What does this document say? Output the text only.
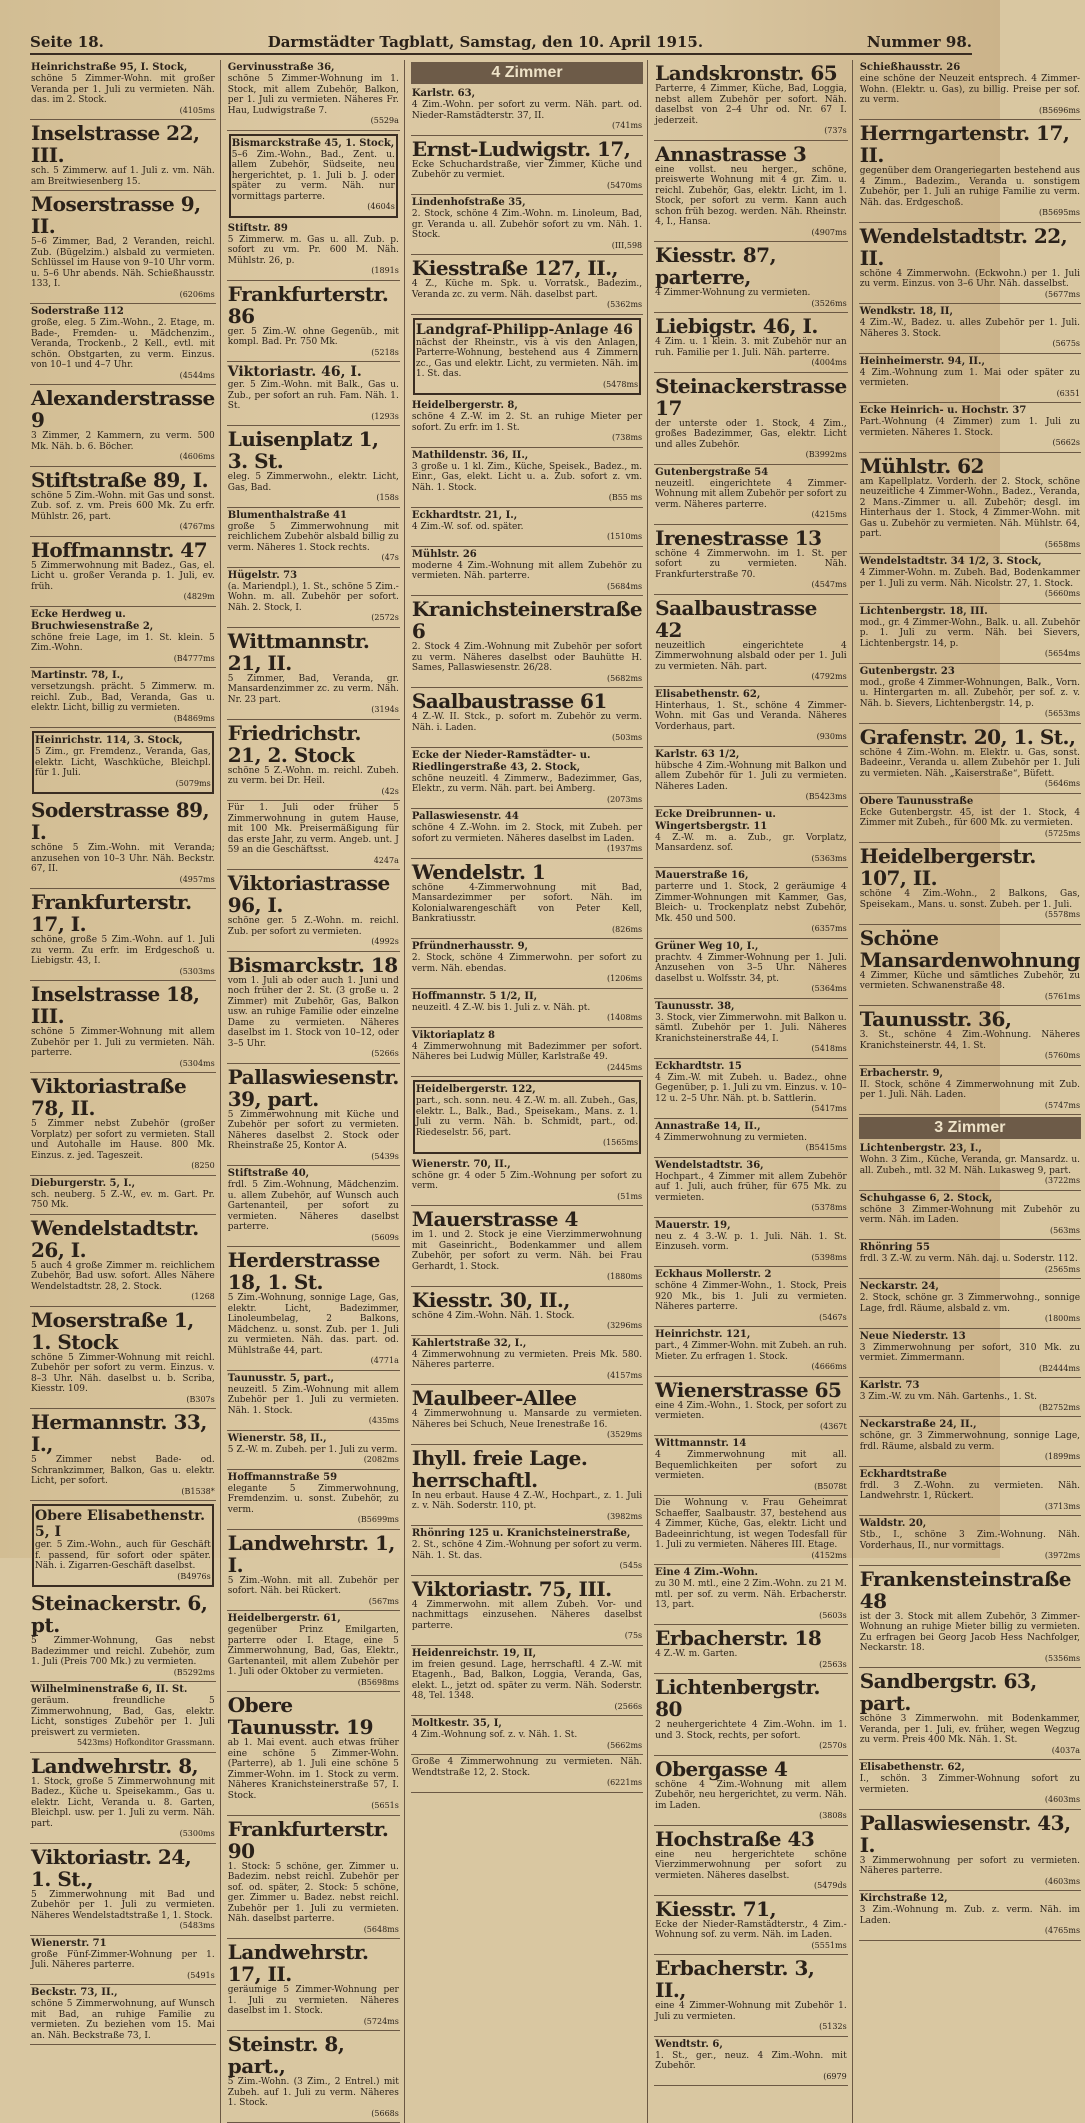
Seite 18.	Darmstädter Tagblatt, Samstag, den 10. April 1915.	Nummer 98.
Heinrichstraße 95, I. Stock,
schöne 5 Zimmer-Wohn. mit großer Veranda per 1. Juli zu vermieten. Näh. das. im 2. Stock.
(4105ms
Inselstrasse 22, III.
sch. 5 Zimmerw. auf 1. Juli z. vm. Näh. am Breitwiesenberg 15.
Moserstrasse 9, II.
5–6 Zimmer, Bad, 2 Veranden, reichl. Zub. (Bügelzim.) alsbald zu vermieten. Schlüssel im Hause von 9–10 Uhr vorm. u. 5–6 Uhr abends. Näh. Schießhausstr. 133, I.
(6206ms
Soderstraße 112
große, eleg. 5 Zim.-Wohn., 2. Etage, m. Bade-, Fremden- u. Mädchenzim., Veranda, Trockenb., 2 Kell., evtl. mit schön. Obstgarten, zu verm. Einzus. von 10–1 und 4–7 Uhr.
(4544ms
Alexanderstrasse 9
3 Zimmer, 2 Kammern, zu verm. 500 Mk. Näh. b. 6. Böcher.
(4606ms
Stiftstraße 89, I.
schöne 5 Zim.-Wohn. mit Gas und sonst. Zub. sof. z. vm. Preis 600 Mk. Zu erfr. Mühlstr. 26, part.
(4767ms
Hoffmannstr. 47
5 Zimmerwohnung mit Badez., Gas, el. Licht u. großer Veranda p. 1. Juli, ev. früh.
(4829m
Ecke Herdweg u. Bruchwiesenstraße 2,
schöne freie Lage, im 1. St. klein. 5 Zim.-Wohn.
(B4777ms
Martinstr. 78, I.,
versetzungsh. prächt. 5 Zimmerw. m. reichl. Zub., Bad, Veranda, Gas u. elektr. Licht, billig zu vermieten.
(B4869ms
Heinrichstr. 114, 3. Stock,
5 Zim., gr. Fremdenz., Veranda, Gas, elektr. Licht, Waschküche, Bleichpl. für 1. Juli.
(5079ms
Soderstrasse 89, I.
schöne 5 Zim.-Wohn. mit Veranda; anzusehen von 10–3 Uhr. Näh. Beckstr. 67, II.
(4957ms
Frankfurterstr. 17, I.
schöne, große 5 Zim.-Wohn. auf 1. Juli zu verm. Zu erfr. im Erdgeschoß u. Liebigstr. 43, I.
(5303ms
Inselstrasse 18, III.
schöne 5 Zimmer-Wohnung mit allem Zubehör per 1. Juli zu vermieten. Näh. parterre.
(5304ms
Viktoriastraße 78, II.
5 Zimmer nebst Zubehör (großer Vorplatz) per sofort zu vermieten. Stall und Autohalle im Hause. 800 Mk. Einzus. z. jed. Tageszeit.
(8250
Dieburgerstr. 5, I.,
sch. neuberg. 5 Z.-W., ev. m. Gart. Pr. 750 Mk.
Wendelstadtstr. 26, I.
5 auch 4 große Zimmer m. reichlichem Zubehör, Bad usw. sofort. Alles Nähere Wendelstadtstr. 28, 2. Stock.
(1268
Moserstraße 1, 1. Stock
schöne 5 Zimmer-Wohnung mit reichl. Zubehör per sofort zu verm. Einzus. v. 8–3 Uhr. Näh. daselbst u. b. Scriba, Kiesstr. 109.
(B307s
Hermannstr. 33, I.,
5 Zimmer nebst Bade- od. Schrankzimmer, Balkon, Gas u. elektr. Licht, per sofort.
(B1538*
Obere Elisabethenstr. 5, I
ger. 5 Zim.-Wohn., auch für Geschäft f. passend, für sofort oder später. Näh. i. Zigarren-Geschäft daselbst.
(B4976s
Steinackerstr. 6, pt.
5 Zimmer-Wohnung, Gas nebst Badezimmer und reichl. Zubehör, zum 1. Juli (Preis 700 Mk.) zu vermieten.
(B5292ms
Wilhelminenstraße 6, II. St.
geräum. freundliche 5 Zimmerwohnung, Bad, Gas, elektr. Licht, sonstiges Zubehör per 1. Juli preiswert zu vermieten.
5423ms) Hofkonditor Grassmann.
Landwehrstr. 8,
1. Stock, große 5 Zimmerwohnung mit Badez., Küche u. Speisekamm., Gas u. elektr. Licht, Veranda u. 8. Garten, Bleichpl. usw. per 1. Juli zu verm. Näh. part.
(5300ms
Viktoriastr. 24, 1. St.,
5 Zimmerwohnung mit Bad und Zubehör per 1. Juli zu vermieten. Näheres Wendelstadtstraße 1, 1. Stock.
(5483ms
Wienerstr. 71
große Fünf-Zimmer-Wohnung per 1. Juli. Näheres parterre.
(5491s
Beckstr. 73, II.,
schöne 5 Zimmerwohnung, auf Wunsch mit Bad, an ruhige Familie zu vermieten. Zu beziehen vom 15. Mai an. Näh. Beckstraße 73, I.
Gervinusstraße 36,
schöne 5 Zimmer-Wohnung im 1. Stock, mit allem Zubehör, Balkon, per 1. Juli zu vermieten. Näheres Fr. Hau, Ludwigstraße 7.
(5529a
Bismarckstraße 45, 1. Stock,
5–6 Zim.-Wohn., Bad., Zent. u. allem Zubehör, Südseite, neu hergerichtet, p. 1. Juli b. J. oder später zu verm. Näh. nur vormittags parterre.
(4604s
Stiftstr. 89
5 Zimmerw. m. Gas u. all. Zub. p. sofort zu vm. Pr. 600 M. Näh. Mühlstr. 26, p.
(1891s
Frankfurterstr. 86
ger. 5 Zim.-W. ohne Gegenüb., mit kompl. Bad. Pr. 750 Mk.
(5218s
Viktoriastr. 46, I.
ger. 5 Zim.-Wohn. mit Balk., Gas u. Zub., per sofort an ruh. Fam. Näh. 1. St.
(1293s
Luisenplatz 1, 3. St.
eleg. 5 Zimmerwohn., elektr. Licht, Gas, Bad.
(158s
Blumenthalstraße 41
große 5 Zimmerwohnung mit reichlichem Zubehör alsbald billig zu verm. Näheres 1. Stock rechts.
(47s
Hügelstr. 73
(a. Mariendpl.), 1. St., schöne 5 Zim.-Wohn. m. all. Zubehör per sofort. Näh. 2. Stock, I.
(2572s
Wittmannstr. 21, II.
5 Zimmer, Bad, Veranda, gr. Mansardenzimmer zc. zu verm. Näh. Nr. 23 part.
(3194s
Friedrichstr. 21, 2. Stock
schöne 5 Z.-Wohn. m. reichl. Zubeh. zu verm. bei Dr. Heil.
(42s
Für 1. Juli oder früher 5 Zimmerwohnung in gutem Hause, mit 100 Mk. Preisermäßigung für das erste Jahr, zu verm. Angeb. unt. J 59 an die Geschäftsst.
4247a
Viktoriastrasse 96, I.
schöne ger. 5 Z.-Wohn. m. reichl. Zub. per sofort zu vermieten.
(4992s
Bismarckstr. 18
vom 1. Juli ab oder auch 1. Juni und noch früher der 2. St. (3 große u. 2 Zimmer) mit Zubehör, Gas, Balkon usw. an ruhige Familie oder einzelne Dame zu vermieten. Näheres daselbst im 1. Stock von 10–12, oder 3–5 Uhr.
(5266s
Pallaswiesenstr. 39, part.
5 Zimmerwohnung mit Küche und Zubehör per sofort zu vermieten. Näheres daselbst 2. Stock oder Rheinstraße 25, Kontor A.
(5439s
Stiftstraße 40,
frdl. 5 Zim.-Wohnung, Mädchenzim. u. allem Zubehör, auf Wunsch auch Gartenanteil, per sofort zu vermieten. Näheres daselbst parterre.
(5609s
Herderstrasse 18, 1. St.
5 Zim.-Wohnung, sonnige Lage, Gas, elektr. Licht, Badezimmer, Linoleumbelag, 2 Balkons, Mädchenz. u. sonst. Zub. per 1. Juli zu vermieten. Näh. das. part. od. Mühlstraße 44, part.
(4771a
Taunusstr. 5, part.,
neuzeitl. 5 Zim.-Wohnung mit allem Zubehör per 1. Juli zu vermieten. Näh. 1. Stock.
(435ms
Wienerstr. 58, II.,
5 Z.-W. m. Zubeh. per 1. Juli zu verm.
(2082ms
Hoffmannstraße 59
elegante 5 Zimmerwohnung, Fremdenzim. u. sonst. Zubehör, zu verm.
(B5699ms
Landwehrstr. 1, I.
5 Zim.-Wohn. mit all. Zubehör per sofort. Näh. bei Rückert.
(567ms
Heidelbergerstr. 61,
gegenüber Prinz Emilgarten, parterre oder I. Etage, eine 5 Zimmerwohnung, Bad, Gas, Elektr., Gartenanteil, mit allem Zubehör per 1. Juli oder Oktober zu vermieten.
(B5698ms
Obere Taunusstr. 19
ab 1. Mai event. auch etwas früher eine schöne 5 Zimmer-Wohn. (Parterre), ab 1. Juli eine schöne 5 Zimmer-Wohn. im 1. Stock zu verm. Näheres Kranichsteinerstraße 57, I. Stock.
(5651s
Frankfurterstr. 90
1. Stock: 5 schöne, ger. Zimmer u. Badezim. nebst reichl. Zubehör per sof. od. später, 2. Stock: 5 schöne, ger. Zimmer u. Badez. nebst reichl. Zubehör per 1. Juli zu vermieten. Näh. daselbst parterre.
(5648ms
Landwehrstr. 17, II.
geräumige 5 Zimmer-Wohnung per 1. Juli zu vermieten. Näheres daselbst im 1. Stock.
(5724ms
Steinstr. 8, part.,
5 Zim.-Wohn. (3 Zim., 2 Entrel.) mit Zubeh. auf 1. Juli zu verm. Näheres 1. Stock.
(5668s
4 Zimmer
Karlstr. 63,
4 Zim.-Wohn. per sofort zu verm. Näh. part. od. Nieder-Ramstädterstr. 37, II.
(741ms
Ernst-Ludwigstr. 17,
Ecke Schuchardstraße, vier Zimmer, Küche und Zubehör zu vermiet.
(5470ms
Lindenhofstraße 35,
2. Stock, schöne 4 Zim.-Wohn. m. Linoleum, Bad, gr. Veranda u. all. Zubehör sofort zu vm. Näh. 1. Stock.
(III,598
Kiesstraße 127, II.,
4 Z., Küche m. Spk. u. Vorratsk., Badezim., Veranda zc. zu verm. Näh. daselbst part.
(5362ms
Landgraf-Philipp-Anlage 46
nächst der Rheinstr., vis à vis den Anlagen, Parterre-Wohnung, bestehend aus 4 Zimmern zc., Gas und elektr. Licht, zu vermieten. Näh. im 1. St. das.
(5478ms
Heidelbergerstr. 8,
schöne 4 Z.-W. im 2. St. an ruhige Mieter per sofort. Zu erfr. im 1. St.
(738ms
Mathildenstr. 36, II.,
3 große u. 1 kl. Zim., Küche, Speisek., Badez., m. Einr., Gas, elekt. Licht u. a. Zub. sofort z. vm. Näh. 1. Stock.
(B55 ms
Eckhardtstr. 21, I.,
4 Zim.-W. sof. od. später.
(1510ms
Mühlstr. 26
moderne 4 Zim.-Wohnung mit allem Zubehör zu vermieten. Näh. parterre.
(5684ms
Kranichsteinerstraße 6
2. Stock 4 Zim.-Wohnung mit Zubehör per sofort zu verm. Näheres daselbst oder Bauhütte H. Sames, Pallaswiesenstr. 26/28.
(5682ms
Saalbaustrasse 61
4 Z.-W. II. Stck., p. sofort m. Zubehör zu verm. Näh. i. Laden.
(503ms
Ecke der Nieder-Ramstädter- u. Riedlingerstraße 43, 2. Stock,
schöne neuzeitl. 4 Zimmerw., Badezimmer, Gas, Elektr., zu verm. Näh. part. bei Amberg.
(2073ms
Pallaswiesenstr. 44
schöne 4 Z.-Wohn. im 2. Stock, mit Zubeh. per sofort zu vermieten. Näheres daselbst im Laden.
(1937ms
Wendelstr. 1
schöne 4-Zimmerwohnung mit Bad, Mansardezimmer per sofort. Näh. im Kolonialwarengeschäft von Peter Kell, Bankratiusstr.
(826ms
Pfründnerhausstr. 9,
2. Stock, schöne 4 Zimmerwohn. per sofort zu verm. Näh. ebendas.
(1206ms
Hoffmannstr. 5 1/2, II,
neuzeitl. 4 Z.-W. bis 1. Juli z. v. Näh. pt.
(1408ms
Viktoriaplatz 8
4 Zimmerwohnung mit Badezimmer per sofort. Näheres bei Ludwig Müller, Karlstraße 49.
(2445ms
Heidelbergerstr. 122,
part., sch. sonn. neu. 4 Z.-W. m. all. Zubeh., Gas, elektr. L., Balk., Bad., Speisekam., Mans. z. 1. Juli zu verm. Näh. b. Schmidt, part., od. Riedeselstr. 56, part.
(1565ms
Wienerstr. 70, II.,
schöne gr. 4 oder 5 Zim.-Wohnung per sofort zu verm.
(51ms
Mauerstrasse 4
im 1. und 2. Stock je eine Vierzimmerwohnung mit Gaseinricht., Bodenkammer und allem Zubehör, per sofort zu verm. Näh. bei Frau Gerhardt, 1. Stock.
(1880ms
Kiesstr. 30, II.,
schöne 4 Zim.-Wohn. Näh. 1. Stock.
(3296ms
Kahlertstraße 32, I.,
4 Zimmerwohnung zu vermieten. Preis Mk. 580. Näheres parterre.
(4157ms
Maulbeer-Allee
4 Zimmerwohnung u. Mansarde zu vermieten. Näheres bei Schuch, Neue Irenestraße 16.
(3529ms
Ihyll. freie Lage. herrschaftl.
In neu erbaut. Hause 4 Z.-W., Hochpart., z. 1. Juli z. v. Näh. Soderstr. 110, pt.
(3982ms
Rhönring 125 u. Kranichsteinerstraße,
2. St., schöne 4 Zim.-Wohnung per sofort zu verm. Näh. 1. St. das.
(545s
Viktoriastr. 75, III.
4 Zimmerwohn. mit allem Zubeh. Vor- und nachmittags einzusehen. Näheres daselbst parterre.
(75s
Heidenreichstr. 19, II,
im freien gesund. Lage, herrschaftl. 4 Z.-W. mit Etagenh., Bad, Balkon, Loggia, Veranda, Gas, elekt. L., jetzt od. später zu verm. Näh. Soderstr. 48, Tel. 1348.
(2566s
Moltkestr. 35, I,
4 Zim.-Wohnung sof. z. v. Näh. 1. St.
(5662ms
Große 4 Zimmerwohnung zu vermieten. Näh. Wendtstraße 12, 2. Stock.
(6221ms
Landskronstr. 65
Parterre, 4 Zimmer, Küche, Bad, Loggia, nebst allem Zubehör per sofort. Näh. daselbst von 2–4 Uhr od. Nr. 67 I. jederzeit.
(737s
Annastrasse 3
eine vollst. neu herger., schöne, preiswerte Wohnung mit 4 gr. Zim. u. reichl. Zubehör, Gas, elektr. Licht, im 1. Stock, per sofort zu verm. Kann auch schon früh bezog. werden. Näh. Rheinstr. 4, I., Hansa.
(4907ms
Kiesstr. 87, parterre,
4 Zimmer-Wohnung zu vermieten.
(3526ms
Liebigstr. 46, I.
4 Zim. u. 1 klein. 3. mit Zubehör nur an ruh. Familie per 1. Juli. Näh. parterre.
(4004ms
Steinackerstrasse 17
der unterste oder 1. Stock, 4 Zim., großes Badezimmer, Gas, elektr. Licht und alles Zubehör.
(B3992ms
Gutenbergstraße 54
neuzeitl. eingerichtete 4 Zimmer-Wohnung mit allem Zubehör per sofort zu verm. Näheres parterre.
(4215ms
Irenestrasse 13
schöne 4 Zimmerwohn. im 1. St. per sofort zu vermieten. Näh. Frankfurterstraße 70.
(4547ms
Saalbaustrasse 42
neuzeitlich eingerichtete 4 Zimmerwohnung alsbald oder per 1. Juli zu vermieten. Näh. part.
(4792ms
Elisabethenstr. 62,
Hinterhaus, 1. St., schöne 4 Zimmer-Wohn. mit Gas und Veranda. Näheres Vorderhaus, part.
(930ms
Karlstr. 63 1/2,
hübsche 4 Zim.-Wohnung mit Balkon und allem Zubehör für 1. Juli zu vermieten. Näheres Laden.
(B5423ms
Ecke Dreibrunnen- u. Wingertsbergstr. 11
4 Z.-W. m. a. Zub., gr. Vorplatz, Mansardenz. sof.
(5363ms
Mauerstraße 16,
parterre und 1. Stock, 2 geräumige 4 Zimmer-Wohnungen mit Kammer, Gas, Bleich- u. Trockenplatz nebst Zubehör, Mk. 450 und 500.
(6357ms
Grüner Weg 10, I.,
prachtv. 4 Zimmer-Wohnung per 1. Juli. Anzusehen von 3–5 Uhr. Näheres daselbst u. Wolfsstr. 34, pt.
(5364ms
Taunusstr. 38,
3. Stock, vier Zimmerwohn. mit Balkon u. sämtl. Zubehör per 1. Juli. Näheres Kranichsteinerstraße 44, I.
(5418ms
Eckhardtstr. 15
4 Zim.-W. mit Zubeh. u. Badez., ohne Gegenüber, p. 1. Juli zu vm. Einzus. v. 10–12 u. 2–5 Uhr. Näh. pt. b. Sattlerin.
(5417ms
Annastraße 14, II.,
4 Zimmerwohnung zu vermieten.
(B5415ms
Wendelstadtstr. 36,
Hochpart., 4 Zimmer mit allem Zubehör auf 1. Juli, auch früher, für 675 Mk. zu vermieten.
(5378ms
Mauerstr. 19,
neu z. 4 3.-W. p. 1. Juli. Näh. 1. St. Einzuseh. vorm.
(5398ms
Eckhaus Mollerstr. 2
schöne 4 Zimmer-Wohn., 1. Stock, Preis 920 Mk., bis 1. Juli zu vermieten. Näheres parterre.
(5467s
Heinrichstr. 121,
part., 4 Zimmer-Wohn. mit Zubeh. an ruh. Mieter. Zu erfragen 1. Stock.
(4666ms
Wienerstrasse 65
eine 4 Zim.-Wohn., 1. Stock, per sofort zu vermieten.
(4367t
Wittmannstr. 14
4 Zimmerwohnung mit all. Bequemlichkeiten per sofort zu vermieten.
(B5078t
Die Wohnung v. Frau Geheimrat Schaeffer, Saalbaustr. 37, bestehend aus 4 Zimmer, Küche, Gas, elektr. Licht und Badeeinrichtung, ist wegen Todesfall für 1. Juli zu vermieten. Näheres III. Etage.
(4152ms
Eine 4 Zim.-Wohn.
zu 30 M. mtl., eine 2 Zim.-Wohn. zu 21 M. mtl. per sof. zu verm. Näh. Erbacherstr. 13, part.
(5603s
Erbacherstr. 18
4 Z.-W. m. Garten.
(2563s
Lichtenbergstr. 80
2 neuhergerichtete 4 Zim.-Wohn. im 1. und 3. Stock, rechts, per sofort.
(2570s
Obergasse 4
schöne 4 Zim.-Wohnung mit allem Zubehör, neu hergerichtet, zu verm. Näh. im Laden.
(3808s
Hochstraße 43
eine neu hergerichtete schöne Vierzimmerwohnung per sofort zu vermieten. Näheres daselbst.
(5479ds
Kiesstr. 71,
Ecke der Nieder-Ramstädterstr., 4 Zim.-Wohnung sof. zu verm. Näh. im Laden.
(5551ms
Erbacherstr. 3, II.,
eine 4 Zimmer-Wohnung mit Zubehör 1. Juli zu vermieten.
(5132s
Wendtstr. 6,
1. St., ger., neuz. 4 Zim.-Wohn. mit Zubehör.
(6979
Schießhausstr. 26
eine schöne der Neuzeit entsprech. 4 Zimmer-Wohn. (Elektr. u. Gas), zu billig. Preise per sof. zu verm.
(B5696ms
Herrngartenstr. 17, II.
gegenüber dem Orangeriegarten bestehend aus 4 Zimm., Badezim., Veranda u. sonstigem Zubehör, per 1. Juli an ruhige Familie zu verm. Näh. das. Erdgeschoß.
(B5695ms
Wendelstadtstr. 22, II.
schöne 4 Zimmerwohn. (Eckwohn.) per 1. Juli zu verm. Einzus. von 3–6 Uhr. Näh. dasselbst.
(5677ms
Wendkstr. 18, II,
4 Zim.-W., Badez. u. alles Zubehör per 1. Juli. Näheres 3. Stock.
(5675s
Heinheimerstr. 94, II.,
4 Zim.-Wohnung zum 1. Mai oder später zu vermieten.
(6351
Ecke Heinrich- u. Hochstr. 37
Part.-Wohnung (4 Zimmer) zum 1. Juli zu vermieten. Näheres 1. Stock.
(5662s
Mühlstr. 62
am Kapellplatz. Vorderh. der 2. Stock, schöne neuzeitliche 4 Zimmer-Wohn., Badez., Veranda, 2 Mans.-Zimmer u. all. Zubehör; desgl. im Hinterhaus der 1. Stock, 4 Zimmer-Wohn. mit Gas u. Zubehör zu vermieten. Näh. Mühlstr. 64, part.
(5658ms
Wendelstadtstr. 34 1/2, 3. Stock,
4 Zimmer-Wohn. m. Zubeh. Bad, Bodenkammer per 1. Juli zu verm. Näh. Nicolstr. 27, 1. Stock.
(5660ms
Lichtenbergstr. 18, III.
mod., gr. 4 Zimmer-Wohn., Balk. u. all. Zubehör p. 1. Juli zu verm. Näh. bei Sievers, Lichtenbergstr. 14, p.
(5654ms
Gutenbergstr. 23
mod., große 4 Zimmer-Wohnungen, Balk., Vorn. u. Hintergarten m. all. Zubehör, per sof. z. v. Näh. b. Sievers, Lichtenbergstr. 14, p.
(5653ms
Grafenstr. 20, 1. St.,
schöne 4 Zim.-Wohn. m. Elektr. u. Gas, sonst. Badeeinr., Veranda u. allem Zubehör per 1. Juli zu vermieten. Näh. „Kaiserstraße“, Büfett.
(5646ms
Obere Taunusstraße
Ecke Gutenbergstr. 45, ist der 1. Stock, 4 Zimmer mit Zubeh., für 600 Mk. zu vermieten.
(5725ms
Heidelbergerstr. 107, II.
schöne 4 Zim.-Wohn., 2 Balkons, Gas, Speisekam., Mans. u. sonst. Zubeh. per 1. Juli.
(5578ms
Schöne Mansardenwohnung
4 Zimmer, Küche und sämtliches Zubehör, zu vermieten. Schwanenstraße 48.
(5761ms
Taunusstr. 36,
3. St., schöne 4 Zim.-Wohnung. Näheres Kranichsteinerstr. 44, 1. St.
(5760ms
Erbacherstr. 9,
II. Stock, schöne 4 Zimmerwohnung mit Zub. per 1. Juli. Näh. Laden.
(5747ms
3 Zimmer
Lichtenbergstr. 23, I.,
Wohn. 3 Zim., Küche, Veranda, gr. Mansardz. u. all. Zubeh., mtl. 32 M. Näh. Lukasweg 9, part.
(3722ms
Schuhgasse 6, 2. Stock,
schöne 3 Zimmer-Wohnung mit Zubehör zu verm. Näh. im Laden.
(563ms
Rhönring 55
frdl. 3 Z.-W. zu verm. Näh. daj. u. Soderstr. 112.
(2565ms
Neckarstr. 24,
2. Stock, schöne gr. 3 Zimmerwohng., sonnige Lage, frdl. Räume, alsbald z. vm.
(1800ms
Neue Niederstr. 13
3 Zimmerwohnung per sofort, 310 Mk. zu vermiet. Zimmermann.
(B2444ms
Karlstr. 73
3 Zim.-W. zu vm. Näh. Gartenhs., 1. St.
(B2752ms
Neckarstraße 24, II.,
schöne, gr. 3 Zimmerwohnung, sonnige Lage, frdl. Räume, alsbald zu verm.
(1899ms
Eckhardtstraße
frdl. 3 Z.-Wohn. zu vermieten. Näh. Landwehrstr. 1, Rückert.
(3713ms
Waldstr. 20,
Stb., I., schöne 3 Zim.-Wohnung. Näh. Vorderhaus, II., nur vormittags.
(3972ms
Frankensteinstraße 48
ist der 3. Stock mit allem Zubehör, 3 Zimmer-Wohnung an ruhige Mieter billig zu vermieten. Zu erfragen bei Georg Jacob Hess Nachfolger, Neckarstr. 18.
(5356ms
Sandbergstr. 63, part.
schöne 3 Zimmerwohn. mit Bodenkammer, Veranda, per 1. Juli, ev. früher, wegen Wegzug zu verm. Preis 400 Mk. Näh. 1. St.
(4037a
Elisabethenstr. 62,
I., schön. 3 Zimmer-Wohnung sofort zu vermieten.
(4603ms
Pallaswiesenstr. 43, I.
3 Zimmerwohnung per sofort zu vermieten. Näheres parterre.
(4603ms
Kirchstraße 12,
3 Zim.-Wohnung m. Zub. z. verm. Näh. im Laden.
(4765ms
